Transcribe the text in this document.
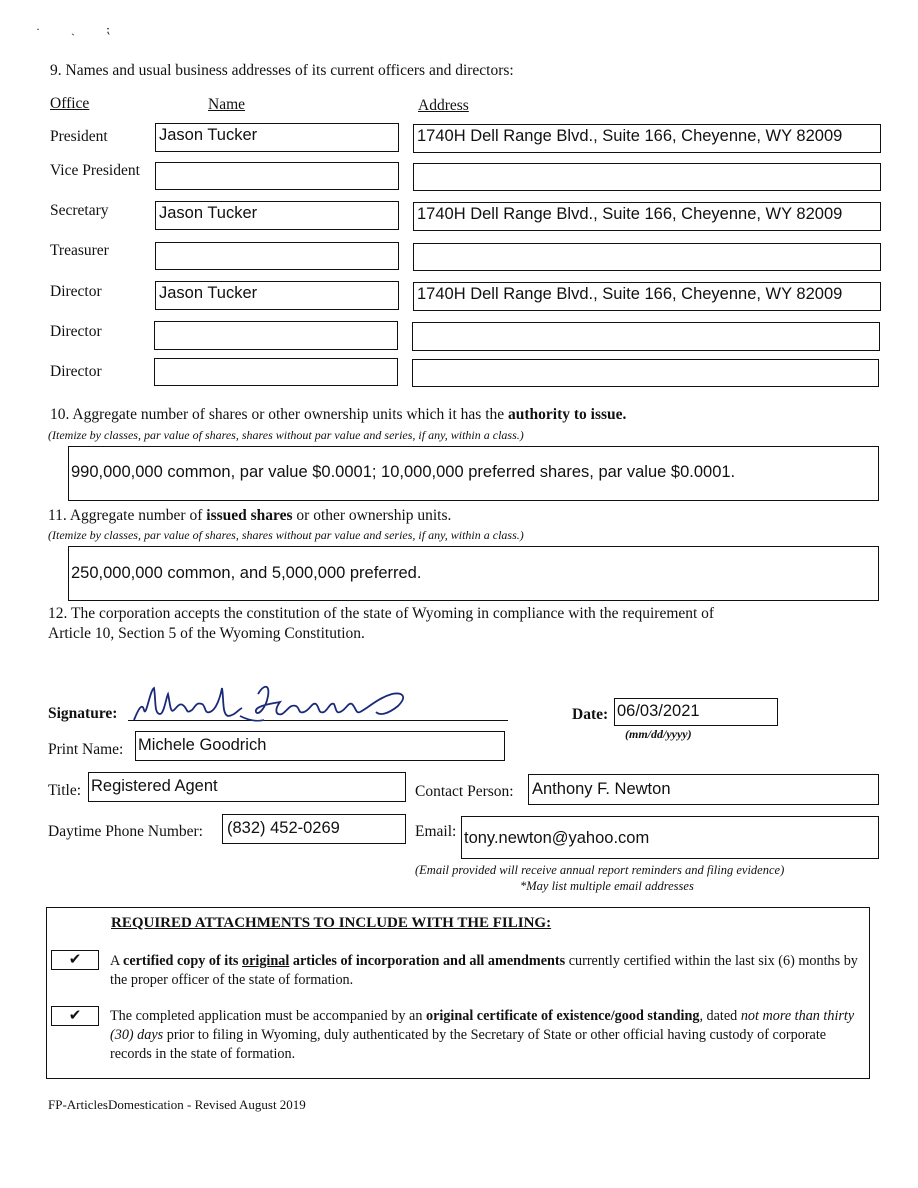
· ˏ ⁏
9. Names and usual business addresses of its current officers and directors:
Office	Name	Address
President	Jason Tucker	1740H Dell Range Blvd., Suite 166, Cheyenne, WY 82009
Vice President
Secretary	Jason Tucker	1740H Dell Range Blvd., Suite 166, Cheyenne, WY 82009
Treasurer
Director	Jason Tucker	1740H Dell Range Blvd., Suite 166, Cheyenne, WY 82009
Director
Director
10. Aggregate number of shares or other ownership units which it has the authority to issue.
(Itemize by classes, par value of shares, shares without par value and series, if any, within a class.)
990,000,000 common, par value $0.0001; 10,000,000 preferred shares, par value $0.0001.
11. Aggregate number of issued shares or other ownership units.
(Itemize by classes, par value of shares, shares without par value and series, if any, within a class.)
250,000,000 common, and 5,000,000 preferred.
12. The corporation accepts the constitution of the state of Wyoming in compliance with the requirement of
Article 10, Section 5 of the Wyoming Constitution.
Signature:	Date: 06/03/2021
(mm/dd/yyyy)
Print Name: Michele Goodrich
Title: Registered Agent	Contact Person: Anthony F. Newton
Daytime Phone Number: (832) 452-0269	Email: tony.newton@yahoo.com
(Email provided will receive annual report reminders and filing evidence)
*May list multiple email addresses
REQUIRED ATTACHMENTS TO INCLUDE WITH THE FILING:
✔	A certified copy of its original articles of incorporation and all amendments currently certified within the last six (6) months by the proper officer of the state of formation.
✔	The completed application must be accompanied by an original certificate of existence/good standing, dated not more than thirty (30) days prior to filing in Wyoming, duly authenticated by the Secretary of State or other official having custody of corporate records in the state of formation.
FP-ArticlesDomestication - Revised August 2019
